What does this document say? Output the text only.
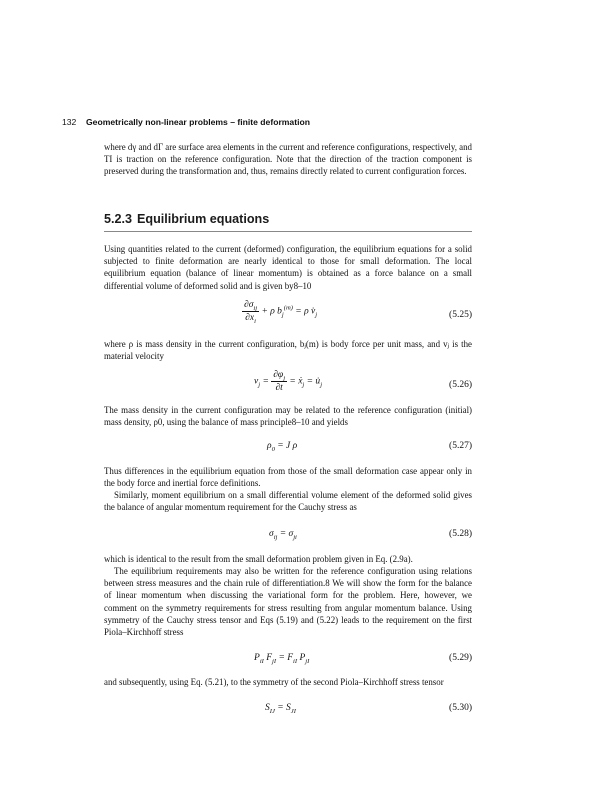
132 Geometrically non-linear problems – finite deformation
where dγ and dΓ are surface area elements in the current and reference configurations, respectively, and TΙ is traction on the reference configuration. Note that the direction of the traction component is preserved during the transformation and, thus, remains directly related to current configuration forces.
5.2.3 Equilibrium equations
Using quantities related to the current (deformed) configuration, the equilibrium equations for a solid subjected to finite deformation are nearly identical to those for small deformation. The local equilibrium equation (balance of linear momentum) is obtained as a force balance on a small differential volume of deformed solid and is given by8–10
$\frac{\partial\sigma_{ij}}{\partial x_i} + \rho$ $b_j^{(m)} = \rho$ $v̇_j$	(5.25)
where ρ is mass density in the current configuration, bⱼ(m) is body force per unit mass, and vⱼ is the material velocity
$v_j = \frac{\partial\varphi_j}{\partial t}$ = $ẋ_j$ = $u̇_j$	(5.26)
The mass density in the current configuration may be related to the reference configuration (initial) mass density, ρ0, using the balance of mass principle8–10 and yields
$\rho_0 = J$ ρ	(5.27)
Thus differences in the equilibrium equation from those of the small deformation case appear only in the body force and inertial force definitions.
Similarly, moment equilibrium on a small differential volume element of the deformed solid gives the balance of angular momentum requirement for the Cauchy stress as
$\sigma_{ij} = \sigma_{ji}$	(5.28)
which is identical to the result from the small deformation problem given in Eq. (2.9a).
The equilibrium requirements may also be written for the reference configuration using relations between stress measures and the chain rule of differentiation.8 We will show the form for the balance of linear momentum when discussing the variational form for the problem. Here, however, we comment on the symmetry requirements for stress resulting from angular momentum balance. Using symmetry of the Cauchy stress tensor and Eqs (5.19) and (5.22) leads to the requirement on the first Piola–Kirchhoff stress
$P_{iI}$ $F_{jI} = F_{iI}$ $P_{jI}$	(5.29)
and subsequently, using Eq. (5.21), to the symmetry of the second Piola–Kirchhoff stress tensor
$S_{IJ} = S_{JI}$	(5.30)
